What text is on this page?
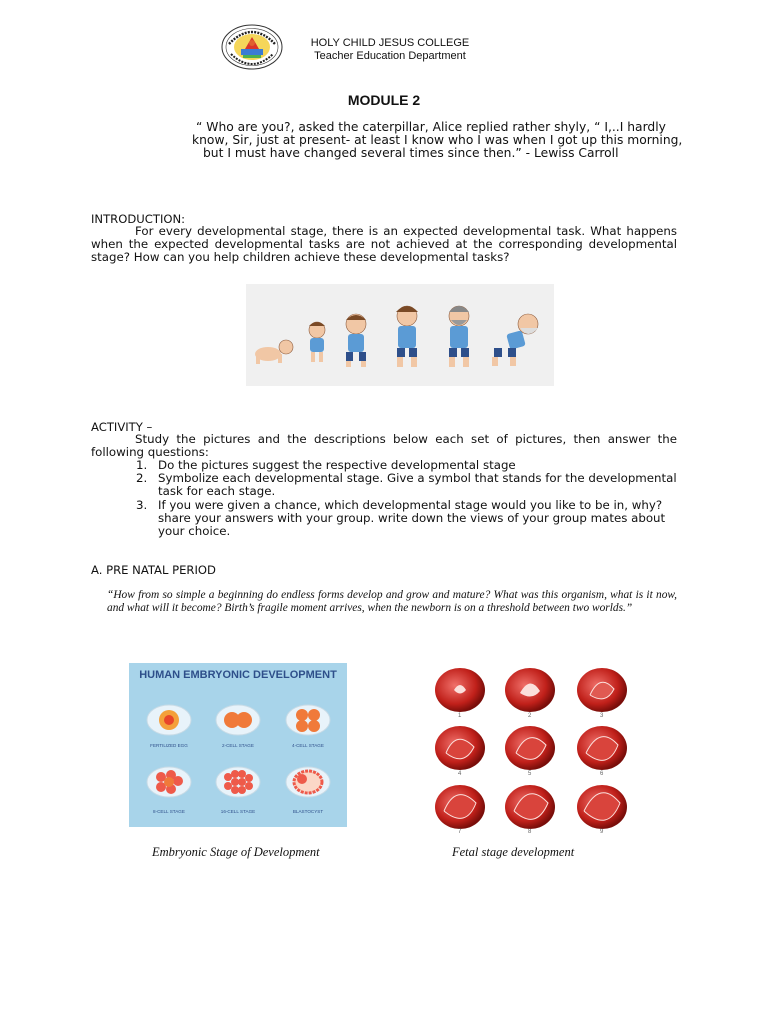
HOLY CHILD JESUS COLLEGE
Teacher Education Department
MODULE 2

“ Who are you?, asked the caterpillar, Alice replied rather shyly, “ I,..I hardly

know, Sir, just at present- at least I know who I was when I got up this morning,

but I must have changed several times since then.” - Lewiss Carroll

INTRODUCTION:
For every developmental stage, there is an expected developmental task. What happens when the expected developmental tasks are not achieved at the corresponding developmental stage? How can you help children achieve these developmental tasks?
ACTIVITY –
Study the pictures and the descriptions below each set of pictures, then answer the following questions:
1. Do the pictures suggest the respective developmental stage
2. Symbolize each developmental stage. Give a symbol that stands for the developmental task for each stage.
3. If you were given a chance, which developmental stage would you like to be in, why? share your answers with your group. write down the views of your group mates about your choice.
A. PRE NATAL PERIOD
“How from so simple a beginning do endless forms develop and grow and mature? What was this organism, what is it now, and what will it become? Birth’s fragile moment arrives, when the newborn is on a threshold between two worlds.”
HUMAN EMBRYONIC DEVELOPMENT
FERTILIZED EGG	2-CELL STAGE	4-CELL STAGE
8-CELL STAGE	16-CELL STAGE	BLASTOCYST
1	2	3
4	5	6
7	8	9
Embryonic Stage of Development	Fetal stage development
